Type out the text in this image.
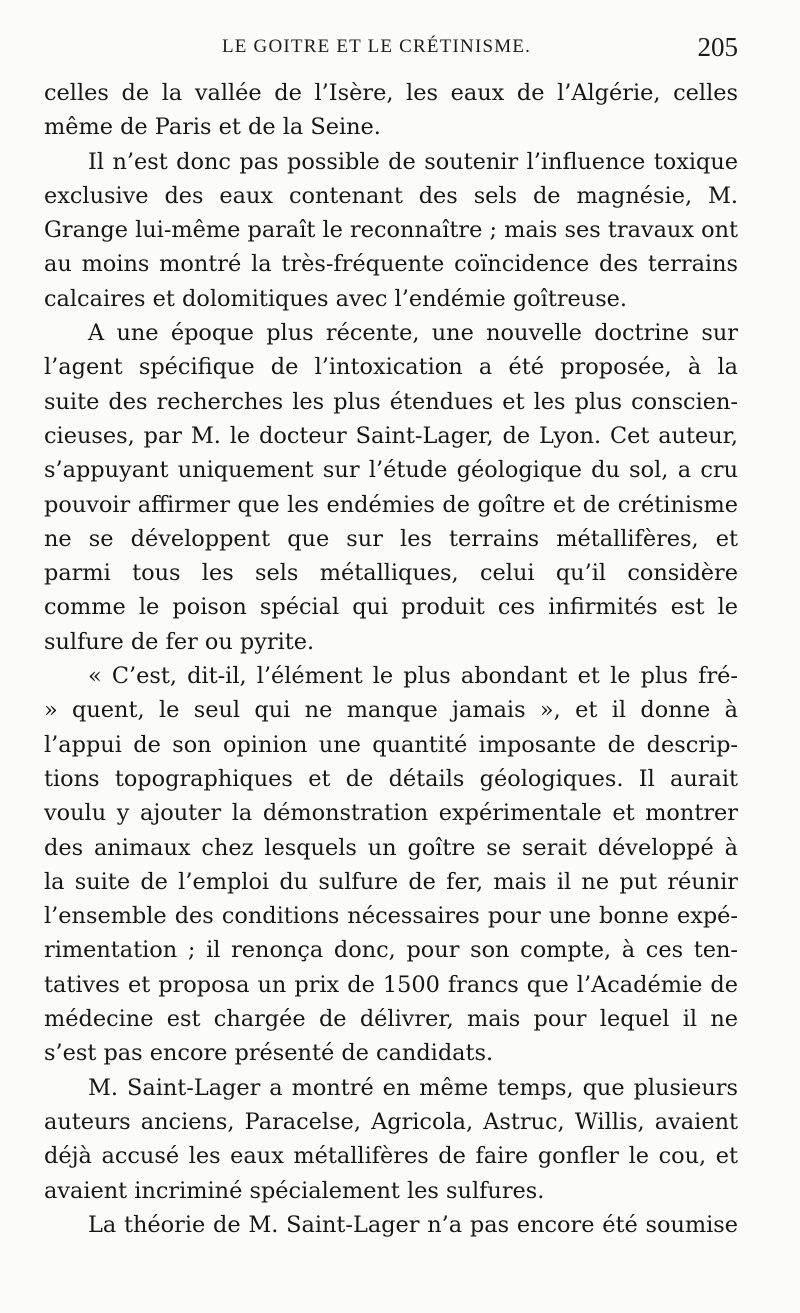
LE GOITRE ET LE CRÉTINISME.	205
celles de la vallée de l’Isère, les eaux de l’Algérie, celles
même de Paris et de la Seine.
Il n’est donc pas possible de soutenir l’influence toxique
exclusive des eaux contenant des sels de magnésie, M.
Grange lui-même paraît le reconnaître ; mais ses travaux ont
au moins montré la très-fréquente coïncidence des terrains
calcaires et dolomitiques avec l’endémie goîtreuse.
A une époque plus récente, une nouvelle doctrine sur
l’agent spécifique de l’intoxication a été proposée, à la
suite des recherches les plus étendues et les plus conscien-
cieuses, par M. le docteur Saint-Lager, de Lyon. Cet auteur,
s’appuyant uniquement sur l’étude géologique du sol, a cru
pouvoir affirmer que les endémies de goître et de crétinisme
ne se développent que sur les terrains métallifères, et
parmi tous les sels métalliques, celui qu’il considère
comme le poison spécial qui produit ces infirmités est le
sulfure de fer ou pyrite.
« C’est, dit-il, l’élément le plus abondant et le plus fré-
» quent, le seul qui ne manque jamais », et il donne à
l’appui de son opinion une quantité imposante de descrip-
tions topographiques et de détails géologiques. Il aurait
voulu y ajouter la démonstration expérimentale et montrer
des animaux chez lesquels un goître se serait développé à
la suite de l’emploi du sulfure de fer, mais il ne put réunir
l’ensemble des conditions nécessaires pour une bonne expé-
rimentation ; il renonça donc, pour son compte, à ces ten-
tatives et proposa un prix de 1500 francs que l’Académie de
médecine est chargée de délivrer, mais pour lequel il ne
s’est pas encore présenté de candidats.
M. Saint-Lager a montré en même temps, que plusieurs
auteurs anciens, Paracelse, Agricola, Astruc, Willis, avaient
déjà accusé les eaux métallifères de faire gonfler le cou, et
avaient incriminé spécialement les sulfures.
La théorie de M. Saint-Lager n’a pas encore été soumise
